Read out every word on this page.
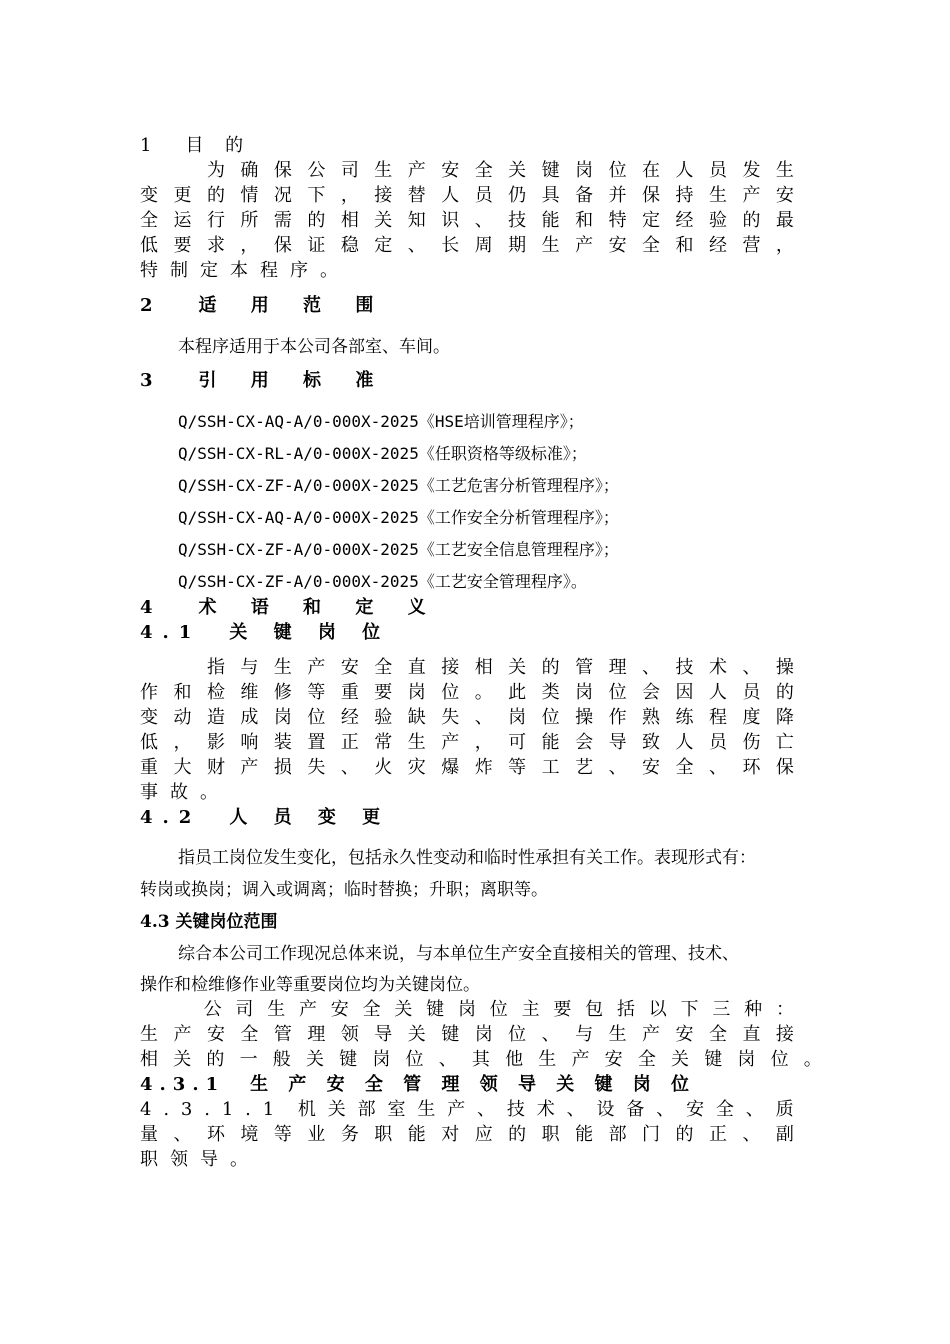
1　目 的

为 确 保 公 司 生 产 安 全 关 键 岗 位 在 人 员 发 生
变 更 的 情 况 下 ， 接 替 人 员 仍 具 备 并 保 持 生 产 安
全 运 行 所 需 的 相 关 知 识 、 技 能 和 特 定 经 验 的 最
低 要 求 ， 保 证 稳 定 、 长 周 期 生 产 安 全 和 经 营 ，
特制定本程序。
2　适 用 范 围
本程序适用于本公司各部室、车间。
3　引 用 标 准
Q/SSH-CX-AQ-A/0-000X-2025《HSE培训管理程序》；
Q/SSH-CX-RL-A/0-000X-2025《任职资格等级标准》；
Q/SSH-CX-ZF-A/0-000X-2025《工艺危害分析管理程序》；
Q/SSH-CX-AQ-A/0-000X-2025《工作安全分析管理程序》；
Q/SSH-CX-ZF-A/0-000X-2025《工艺安全信息管理程序》；
Q/SSH-CX-ZF-A/0-000X-2025《工艺安全管理程序》。
4　术 语 和 定 义
4.1　关 键 岗 位

指 与 生 产 安 全 直 接 相 关 的 管 理 、 技 术 、 操
作 和 检 维 修 等 重 要 岗 位 。 此 类 岗 位 会 因 人 员 的
变 动 造 成 岗 位 经 验 缺 失 、 岗 位 操 作 熟 练 程 度 降
低 ， 影 响 装 置 正 常 生 产 ， 可 能 会 导 致 人 员 伤 亡
重 大 财 产 损 失 、 火 灾 爆 炸 等 工 艺 、 安 全 、 环 保
事故。
4.2　人 员 变 更
指员工岗位发生变化，包括永久性变动和临时性承担有关工作。表现形式有：
转岗或换岗；调入或调离；临时替换；升职；离职等。
4.3 关键岗位范围
综合本公司工作现况总体来说，与本单位生产安全直接相关的管理、技术、
操作和检维修作业等重要岗位均为关键岗位。

公 司 生 产 安 全 关 键 岗 位 主 要 包 括 以 下 三 种 ：
生 产 安 全 管 理 领 导 关 键 岗 位 、 与 生 产 安 全 直 接
相 关 的 一 般 关 键 岗 位 、 其 他 生 产 安 全 关 键 岗 位 。
4.3.1　生 产 安 全 管 理 领 导 关 键 岗 位
4 . 3 . 1 . 1 机 关 部 室 生 产 、 技 术 、 设 备 、 安 全 、 质
量 、 环 境 等 业 务 职 能 对 应 的 职 能 部 门 的 正 、 副
职领导。
